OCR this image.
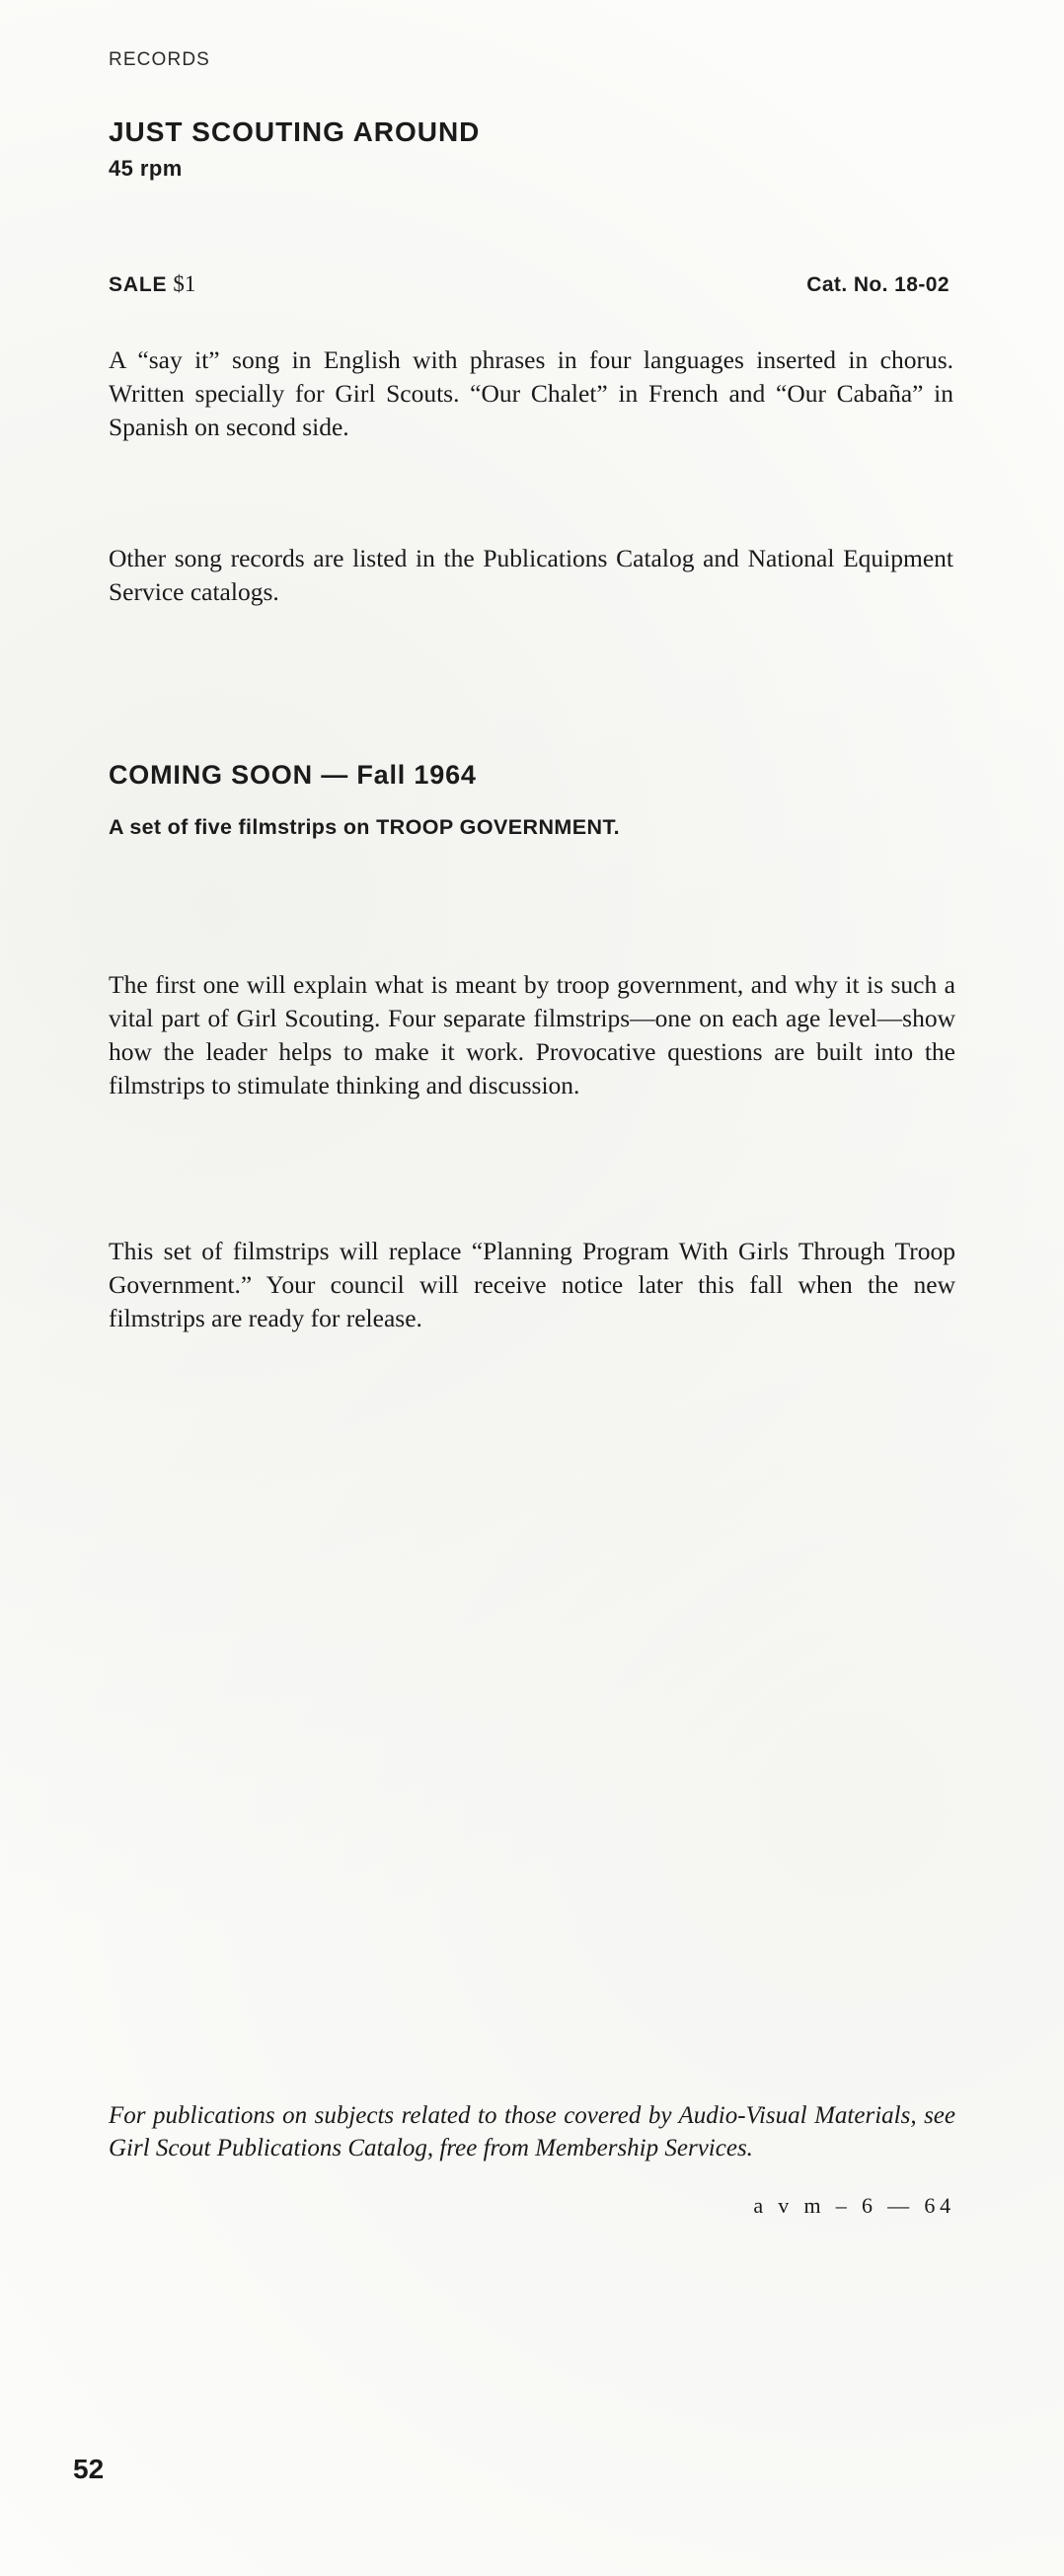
RECORDS
JUST SCOUTING AROUND
45 rpm
SALE $1	Cat. No. 18-02

A “say it” song in English with phrases in four languages inserted in chorus. Written specially for Girl Scouts. “Our Chalet” in French and “Our Cabaña” in Spanish on second side.

Other song records are listed in the Publications Catalog and National Equipment Service catalogs.

COMING SOON — Fall 1964
A set of five filmstrips on TROOP GOVERNMENT.

The first one will explain what is meant by troop government, and why it is such a vital part of Girl Scouting. Four separate filmstrips—one on each age level—show how the leader helps to make it work. Provocative questions are built into the filmstrips to stimulate thinking and discussion.

This set of filmstrips will replace “Planning Program With Girls Through Troop Government.” Your council will receive notice later this fall when the new filmstrips are ready for release.

For publications on subjects related to those covered by Audio-Visual Materials, see Girl Scout Publications Catalog, free from Membership Services.

a v m – 6 — 64
52
